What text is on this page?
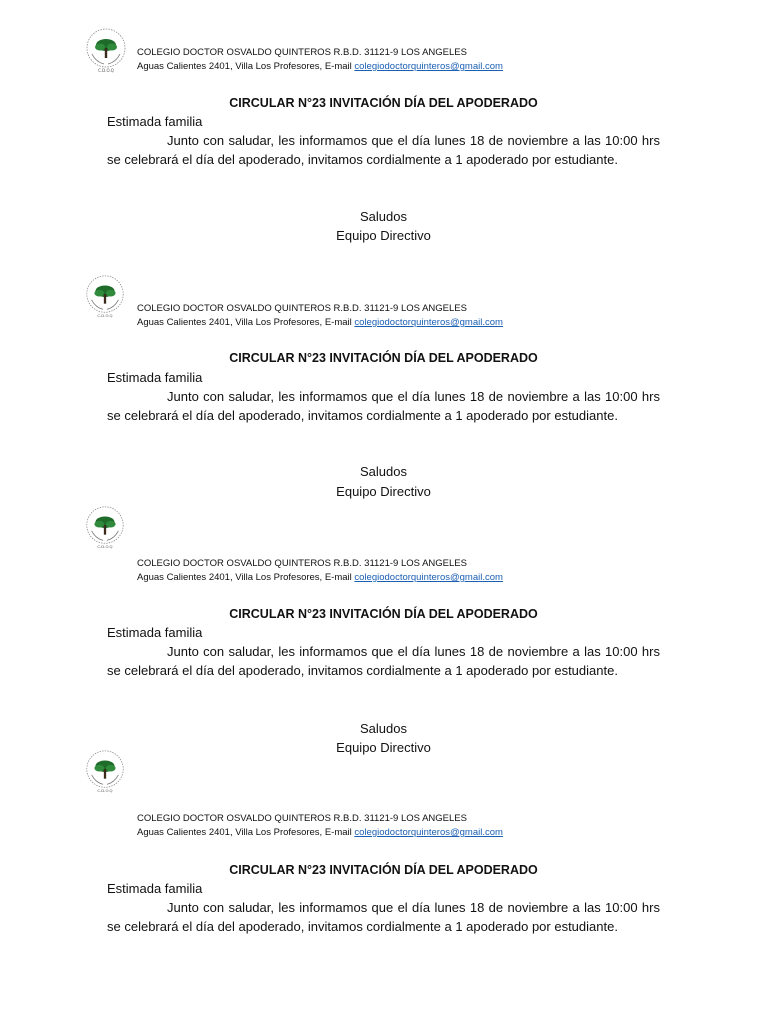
C.D.O.Q
COLEGIO DOCTOR OSVALDO QUINTEROS R.B.D. 31121-9 LOS ANGELES
Aguas Calientes 2401, Villa Los Profesores, E-mail colegiodoctorquinteros@gmail.com
CIRCULAR N°23 INVITACIÓN DÍA DEL APODERADO
Estimada familia

Junto con saludar, les informamos que el día lunes 18 de noviembre a las 10:00 hrs se celebrará el día del apoderado, invitamos cordialmente a 1 apoderado por estudiante.

Saludos
Equipo Directivo
C.D.O.Q
COLEGIO DOCTOR OSVALDO QUINTEROS R.B.D. 31121-9 LOS ANGELES
Aguas Calientes 2401, Villa Los Profesores, E-mail colegiodoctorquinteros@gmail.com
CIRCULAR N°23 INVITACIÓN DÍA DEL APODERADO
Estimada familia

Junto con saludar, les informamos que el día lunes 18 de noviembre a las 10:00 hrs se celebrará el día del apoderado, invitamos cordialmente a 1 apoderado por estudiante.

Saludos
Equipo Directivo
C.D.O.Q
COLEGIO DOCTOR OSVALDO QUINTEROS R.B.D. 31121-9 LOS ANGELES
Aguas Calientes 2401, Villa Los Profesores, E-mail colegiodoctorquinteros@gmail.com
CIRCULAR N°23 INVITACIÓN DÍA DEL APODERADO
Estimada familia

Junto con saludar, les informamos que el día lunes 18 de noviembre a las 10:00 hrs se celebrará el día del apoderado, invitamos cordialmente a 1 apoderado por estudiante.

Saludos
Equipo Directivo
C.D.O.Q
COLEGIO DOCTOR OSVALDO QUINTEROS R.B.D. 31121-9 LOS ANGELES
Aguas Calientes 2401, Villa Los Profesores, E-mail colegiodoctorquinteros@gmail.com
CIRCULAR N°23 INVITACIÓN DÍA DEL APODERADO
Estimada familia

Junto con saludar, les informamos que el día lunes 18 de noviembre a las 10:00 hrs se celebrará el día del apoderado, invitamos cordialmente a 1 apoderado por estudiante.
